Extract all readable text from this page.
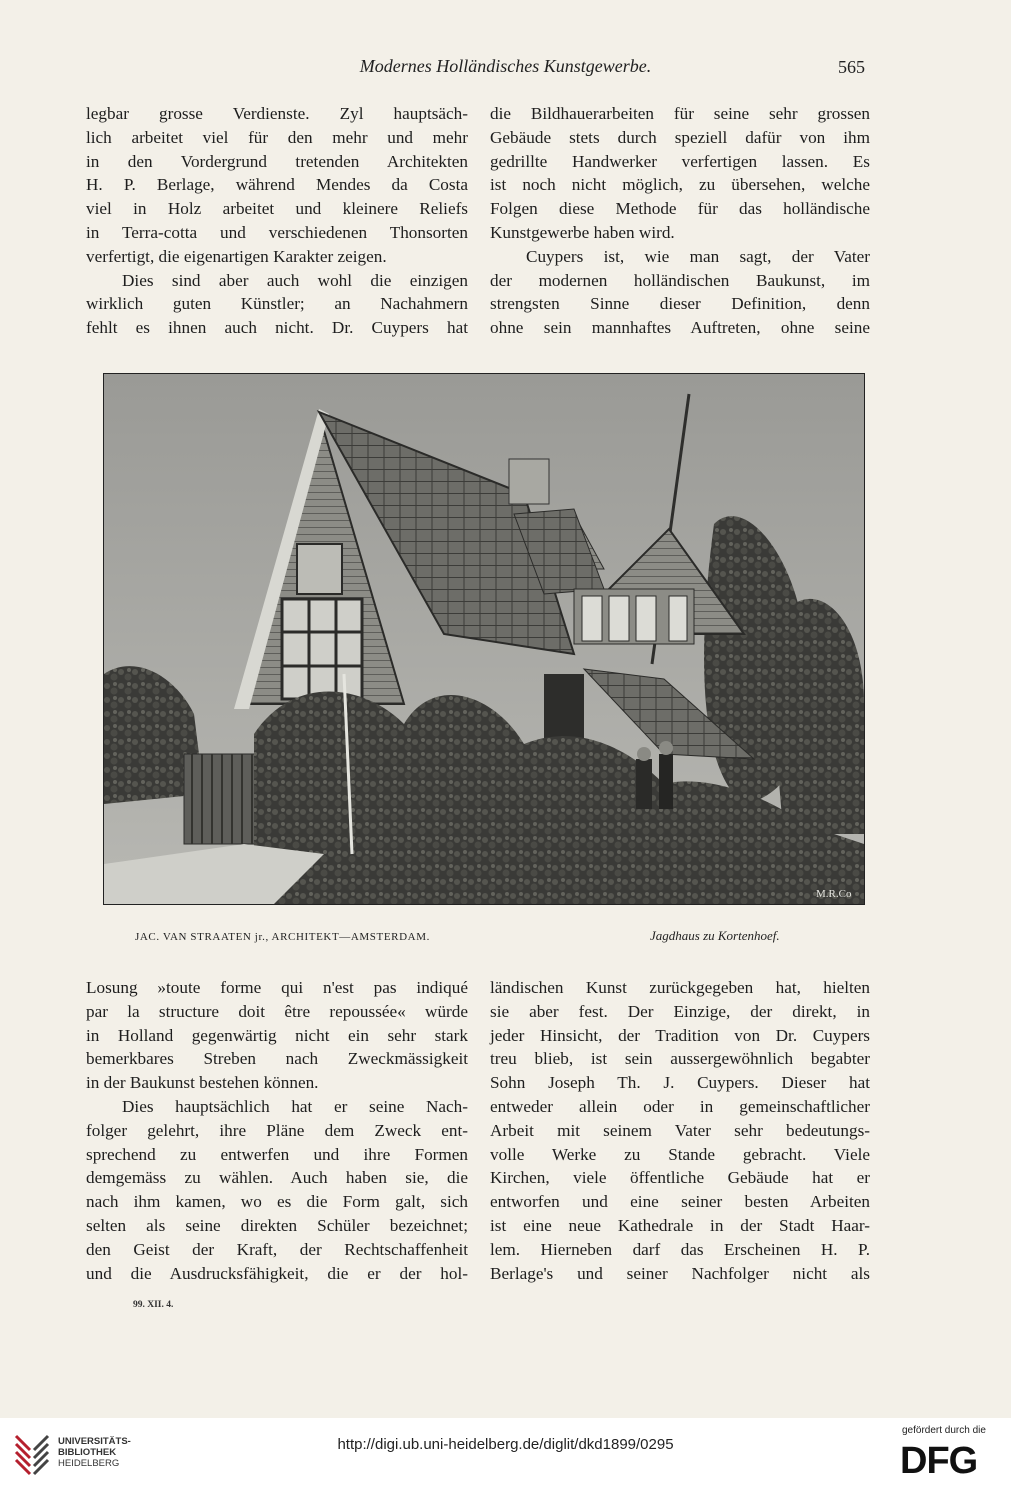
Modernes Holländisches Kunstgewerbe.	565
legbar grosse Verdienste. Zyl hauptsäch-
lich arbeitet viel für den mehr und mehr
in den Vordergrund tretenden Architekten
H. P. Berlage, während Mendes da Costa
viel in Holz arbeitet und kleinere Reliefs
in Terra-cotta und verschiedenen Thonsorten
verfertigt, die eigenartigen Karakter zeigen.
Dies sind aber auch wohl die einzigen
wirklich guten Künstler; an Nachahmern
fehlt es ihnen auch nicht. Dr. Cuypers hat
die Bildhauerarbeiten für seine sehr grossen
Gebäude stets durch speziell dafür von ihm
gedrillte Handwerker verfertigen lassen. Es
ist noch nicht möglich, zu übersehen, welche
Folgen diese Methode für das holländische
Kunstgewerbe haben wird.
Cuypers ist, wie man sagt, der Vater
der modernen holländischen Baukunst, im
strengsten Sinne dieser Definition, denn
ohne sein mannhaftes Auftreten, ohne seine
M.R.Co
JAC. VAN STRAATEN jr., ARCHITEKT—AMSTERDAM.	Jagdhaus zu Kortenhoef.
Losung »toute forme qui n'est pas indiqué
par la structure doit être repoussée« würde
in Holland gegenwärtig nicht ein sehr stark
bemerkbares Streben nach Zweckmässigkeit
in der Baukunst bestehen können.
Dies hauptsächlich hat er seine Nach-
folger gelehrt, ihre Pläne dem Zweck ent-
sprechend zu entwerfen und ihre Formen
demgemäss zu wählen. Auch haben sie, die
nach ihm kamen, wo es die Form galt, sich
selten als seine direkten Schüler bezeichnet;
den Geist der Kraft, der Rechtschaffenheit
und die Ausdrucksfähigkeit, die er der hol-
ländischen Kunst zurückgegeben hat, hielten
sie aber fest. Der Einzige, der direkt, in
jeder Hinsicht, der Tradition von Dr. Cuypers
treu blieb, ist sein aussergewöhnlich begabter
Sohn Joseph Th. J. Cuypers. Dieser hat
entweder allein oder in gemeinschaftlicher
Arbeit mit seinem Vater sehr bedeutungs-
volle Werke zu Stande gebracht. Viele
Kirchen, viele öffentliche Gebäude hat er
entworfen und eine seiner besten Arbeiten
ist eine neue Kathedrale in der Stadt Haar-
lem. Hierneben darf das Erscheinen H. P.
Berlage's und seiner Nachfolger nicht als
99. XII. 4.
UNIVERSITÄTS-
BIBLIOTHEK
HEIDELBERG
http://digi.ub.uni-heidelberg.de/diglit/dkd1899/0295
gefördert durch die
DFG
